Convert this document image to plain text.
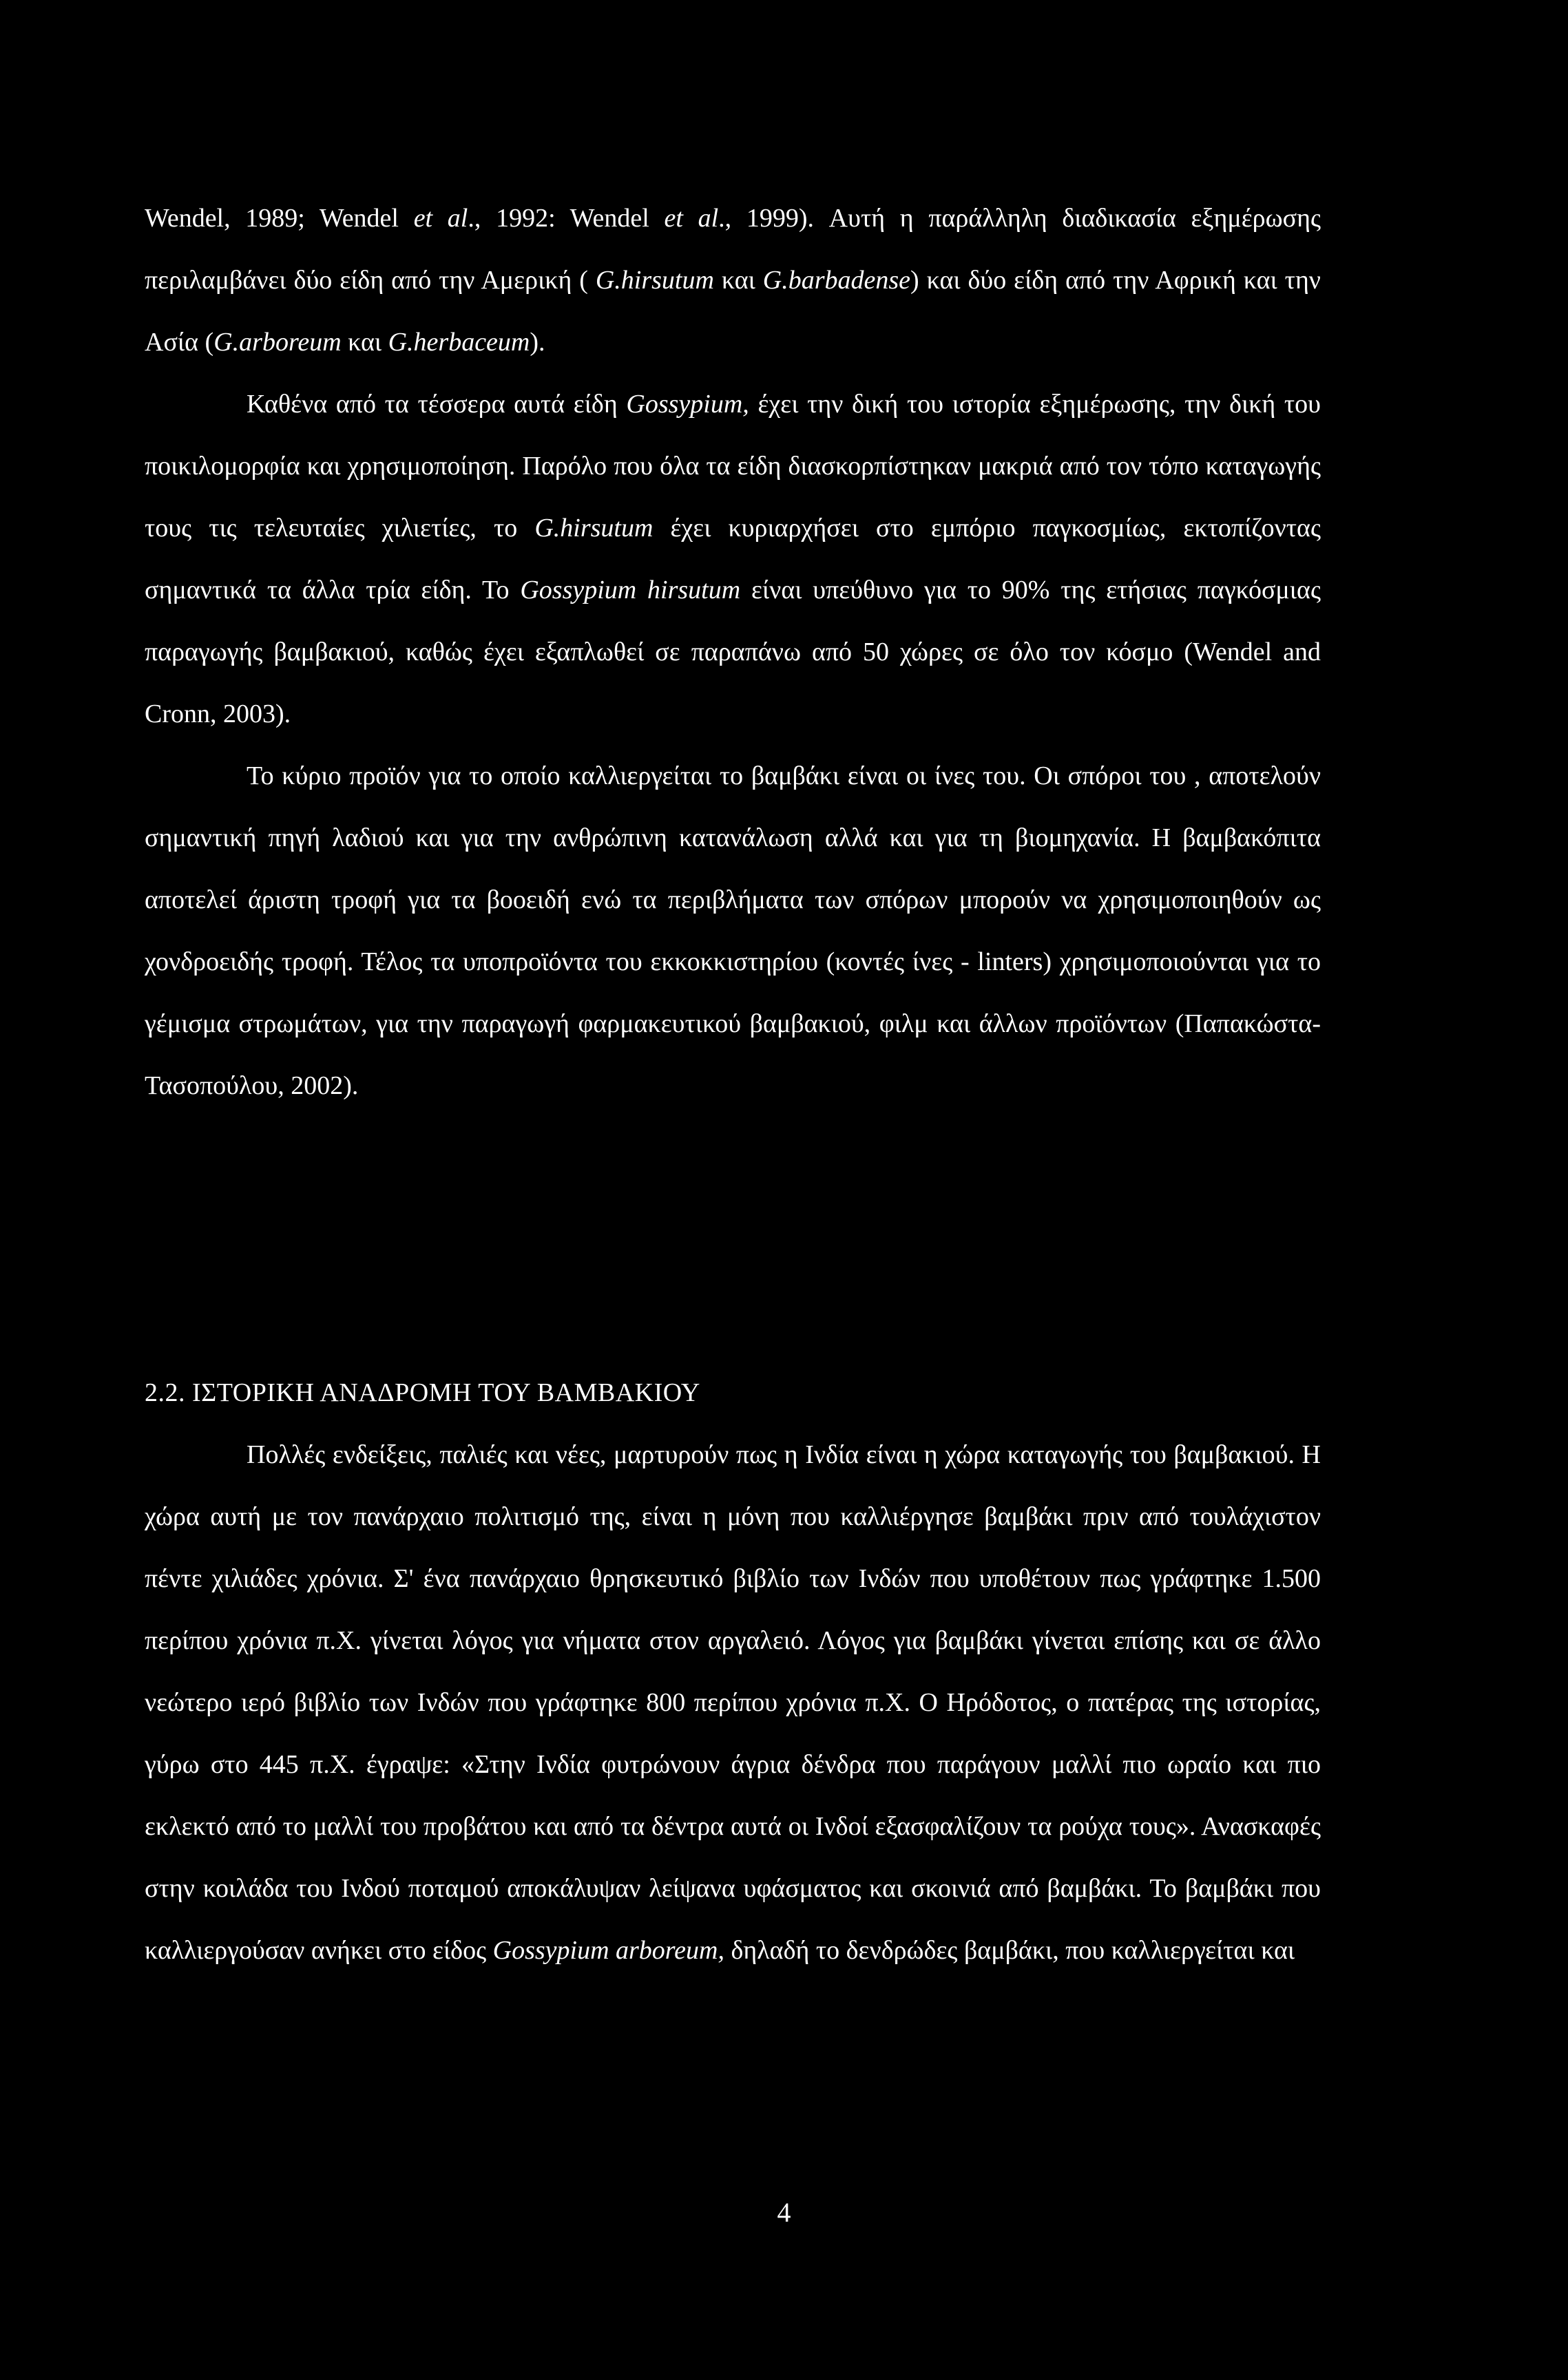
Wendel, 1989; Wendel et al., 1992: Wendel et al., 1999). Αυτή η παράλληλη διαδικασία εξημέρωσης περιλαμβάνει δύο είδη από την Αμερική ( G.hirsutum και G.barbadense) και δύο είδη από την Αφρική και την Ασία (G.arboreum και G.herbaceum).

Καθένα από τα τέσσερα αυτά είδη Gossypium, έχει την δική του ιστορία εξημέρωσης, την δική του ποικιλομορφία και χρησιμοποίηση. Παρόλο που όλα τα είδη διασκορπίστηκαν μακριά από τον τόπο καταγωγής τους τις τελευταίες χιλιετίες, το G.hirsutum έχει κυριαρχήσει στο εμπόριο παγκοσμίως, εκτοπίζοντας σημαντικά τα άλλα τρία είδη. Το Gossypium hirsutum είναι υπεύθυνο για το 90% της ετήσιας παγκόσμιας παραγωγής βαμβακιού, καθώς έχει εξαπλωθεί σε παραπάνω από 50 χώρες σε όλο τον κόσμο (Wendel and Cronn, 2003).

Το κύριο προϊόν για το οποίο καλλιεργείται το βαμβάκι είναι οι ίνες του. Οι σπόροι του , αποτελούν σημαντική πηγή λαδιού και για την ανθρώπινη κατανάλωση αλλά και για τη βιομηχανία. Η βαμβακόπιτα αποτελεί άριστη τροφή για τα βοοειδή ενώ τα περιβλήματα των σπόρων μπορούν να χρησιμοποιηθούν ως χονδροειδής τροφή. Τέλος τα υποπροϊόντα του εκκοκκιστηρίου (κοντές ίνες - linters) χρησιμοποιούνται για το γέμισμα στρωμάτων, για την παραγωγή φαρμακευτικού βαμβακιού, φιλμ και άλλων προϊόντων (Παπακώστα-Τασοπούλου, 2002).

2.2. ΙΣΤΟΡΙΚΗ ΑΝΑΔΡΟΜΗ ΤΟΥ ΒΑΜΒΑΚΙΟΥ

Πολλές ενδείξεις, παλιές και νέες, μαρτυρούν πως η Ινδία είναι η χώρα καταγωγής του βαμβακιού. Η χώρα αυτή με τον πανάρχαιο πολιτισμό της, είναι η μόνη που καλλιέργησε βαμβάκι πριν από τουλάχιστον πέντε χιλιάδες χρόνια. Σ' ένα πανάρχαιο θρησκευτικό βιβλίο των Ινδών που υποθέτουν πως γράφτηκε 1.500 περίπου χρόνια π.Χ. γίνεται λόγος για νήματα στον αργαλειό. Λόγος για βαμβάκι γίνεται επίσης και σε άλλο νεώτερο ιερό βιβλίο των Ινδών που γράφτηκε 800 περίπου χρόνια π.Χ. Ο Ηρόδοτος, ο πατέρας της ιστορίας, γύρω στο 445 π.Χ. έγραψε: «Στην Ινδία φυτρώνουν άγρια δένδρα που παράγουν μαλλί πιο ωραίο και πιο εκλεκτό από το μαλλί του προβάτου και από τα δέντρα αυτά οι Ινδοί εξασφαλίζουν τα ρούχα τους». Ανασκαφές στην κοιλάδα του Ινδού ποταμού αποκάλυψαν λείψανα υφάσματος και σκοινιά από βαμβάκι. Το βαμβάκι που καλλιεργούσαν ανήκει στο είδος Gossypium arboreum, δηλαδή το δενδρώδες βαμβάκι, που καλλιεργείται και

4
